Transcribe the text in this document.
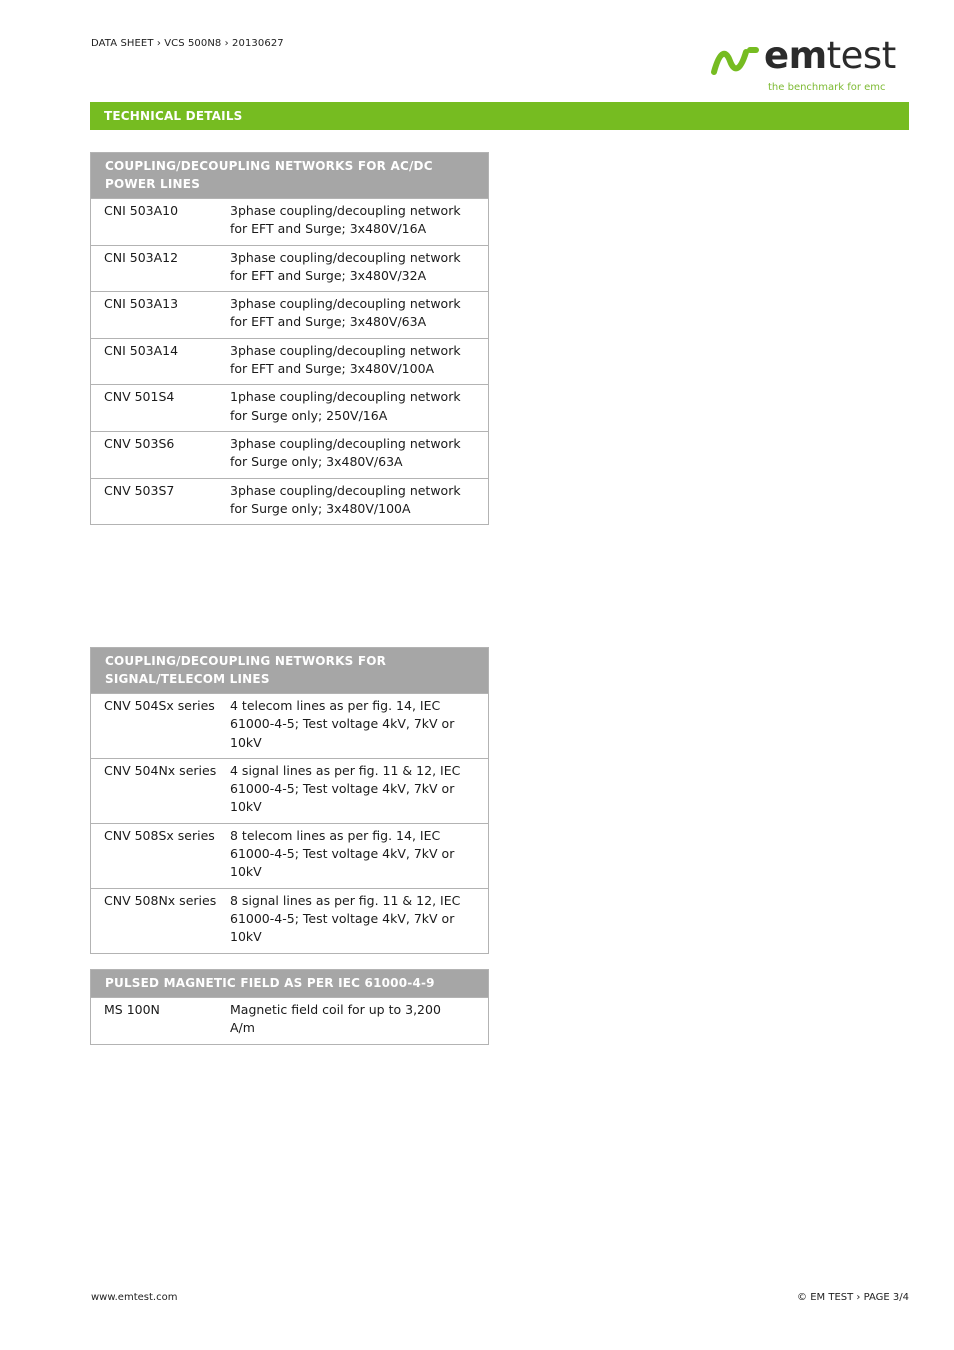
DATA SHEET › VCS 500N8 › 20130627	emtest
the benchmark for emc
TECHNICAL DETAILS
COUPLING/DECOUPLING NETWORKS FOR AC/DC POWER LINES
CNI 503A10	3phase coupling/decoupling network for EFT and Surge; 3x480V/16A
CNI 503A12	3phase coupling/decoupling network for EFT and Surge; 3x480V/32A
CNI 503A13	3phase coupling/decoupling network for EFT and Surge; 3x480V/63A
CNI 503A14	3phase coupling/decoupling network for EFT and Surge; 3x480V/100A
CNV 501S4	1phase coupling/decoupling network for Surge only; 250V/16A
CNV 503S6	3phase coupling/decoupling network for Surge only; 3x480V/63A
CNV 503S7	3phase coupling/decoupling network for Surge only; 3x480V/100A
COUPLING/DECOUPLING NETWORKS FOR SIGNAL/TELECOM LINES
CNV 504Sx series	4 telecom lines as per fig. 14, IEC 61000-4-5; Test voltage 4kV, 7kV or 10kV
CNV 504Nx series	4 signal lines as per fig. 11 & 12, IEC 61000-4-5; Test voltage 4kV, 7kV or 10kV
CNV 508Sx series	8 telecom lines as per fig. 14, IEC 61000-4-5; Test voltage 4kV, 7kV or 10kV
CNV 508Nx series	8 signal lines as per fig. 11 & 12, IEC 61000-4-5; Test voltage 4kV, 7kV or 10kV
PULSED MAGNETIC FIELD AS PER IEC 61000-4-9
MS 100N	Magnetic field coil for up to 3,200 A/m
www.emtest.com	© EM TEST › PAGE 3/4
